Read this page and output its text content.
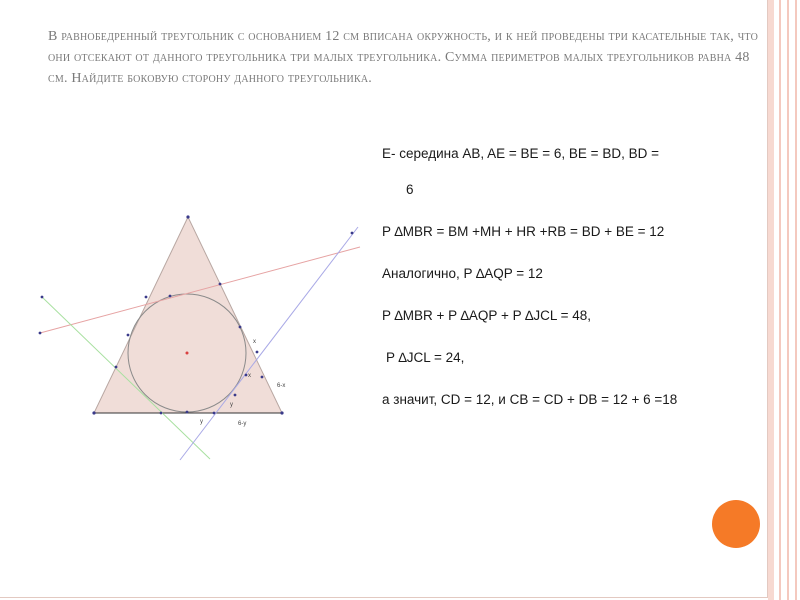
В равнобедренный треугольник с основанием 12 см вписана окружность, и к ней проведены три касательные так, что они отсекают от данного треугольника три малых треугольника. Сумма периметров малых треугольников равна 48 см. Найдите боковую сторону данного треугольника.
x
x
y
y
6-x
6-y

E- середина AB, AE = BE = 6, BE = BD, BD =

6

P ∆MBR = BM +MH + HR +RB = BD + BE = 12

Аналогично, P ∆AQP = 12

P ∆MBR + P ∆AQP + P ∆JCL = 48,

P ∆JCL = 24,

а значит, CD = 12, и CB = CD + DB = 12 + 6 =18
